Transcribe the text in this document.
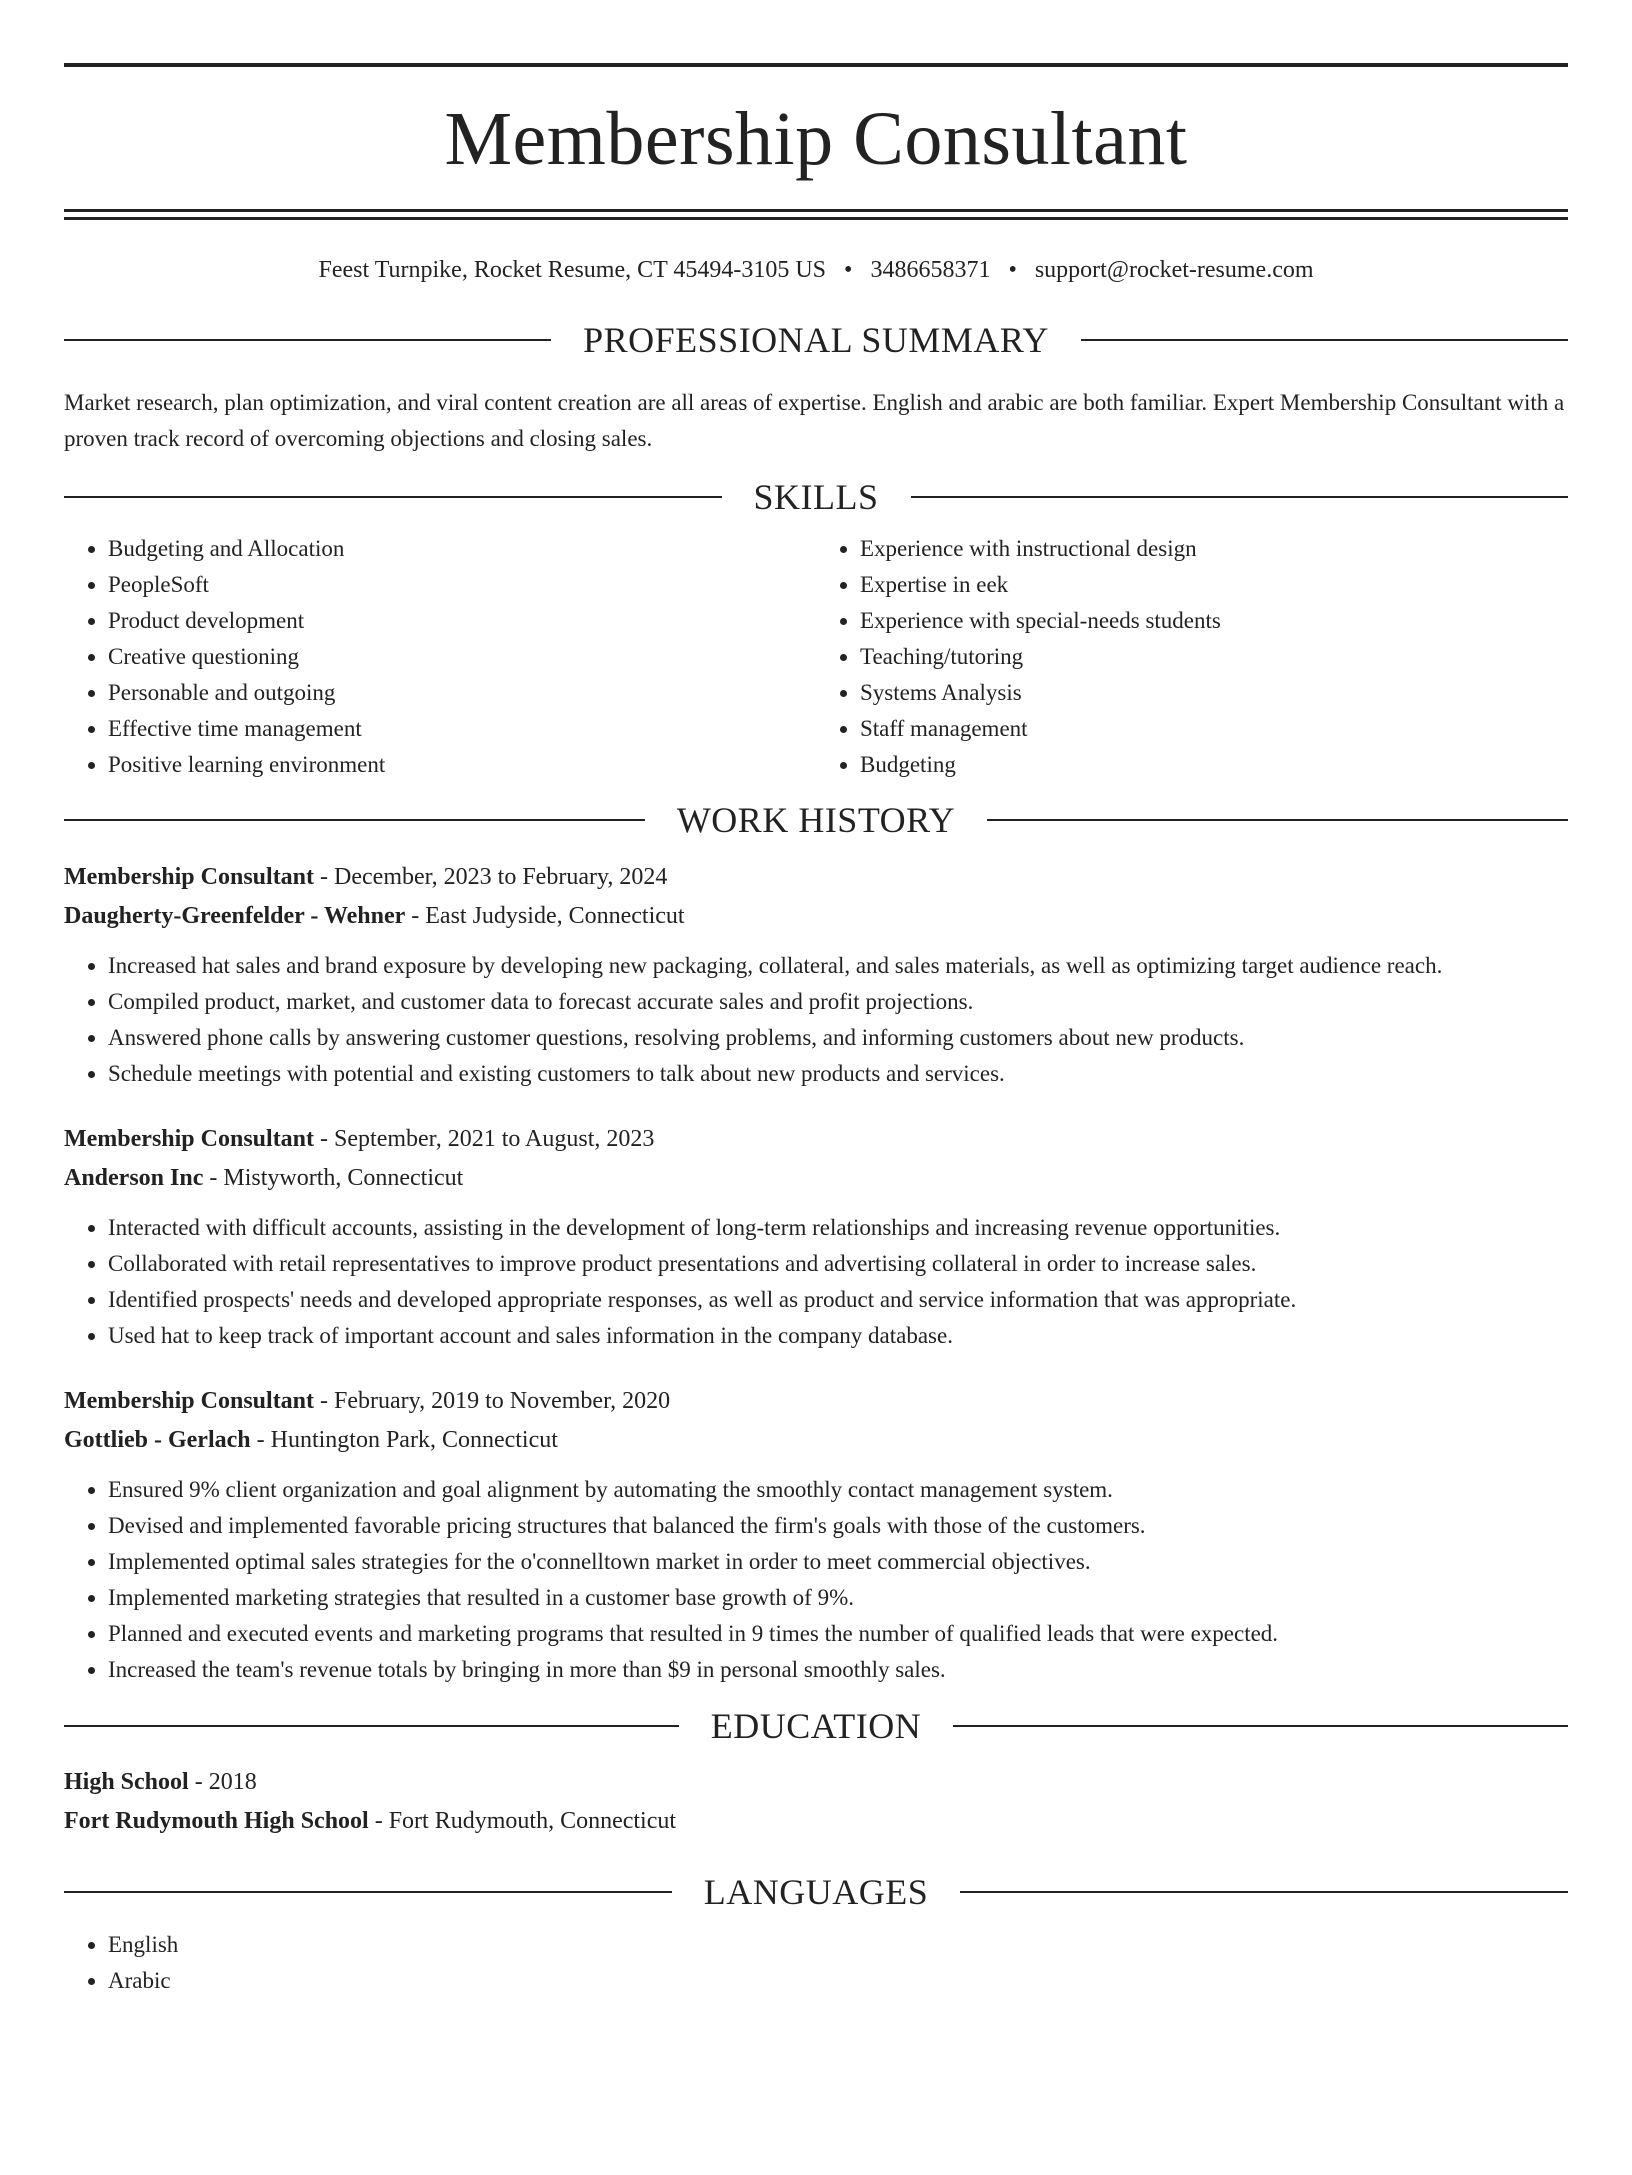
Membership Consultant
Feest Turnpike, Rocket Resume, CT 45494-3105 US • 3486658371 • support@rocket-resume.com
PROFESSIONAL SUMMARY

Market research, plan optimization, and viral content creation are all areas of expertise. English and arabic are both familiar. Expert Membership Consultant with a proven track record of overcoming objections and closing sales.

SKILLS
• Budgeting and Allocation
• PeopleSoft
• Product development
• Creative questioning
• Personable and outgoing
• Effective time management
• Positive learning environment
• Experience with instructional design
• Expertise in eek
• Experience with special-needs students
• Teaching/tutoring
• Systems Analysis
• Staff management
• Budgeting
WORK HISTORY
Membership Consultant - December, 2023 to February, 2024
Daugherty-Greenfelder - Wehner - East Judyside, Connecticut
• Increased hat sales and brand exposure by developing new packaging, collateral, and sales materials, as well as optimizing target audience reach.
• Compiled product, market, and customer data to forecast accurate sales and profit projections.
• Answered phone calls by answering customer questions, resolving problems, and informing customers about new products.
• Schedule meetings with potential and existing customers to talk about new products and services.
Membership Consultant - September, 2021 to August, 2023
Anderson Inc - Mistyworth, Connecticut
• Interacted with difficult accounts, assisting in the development of long-term relationships and increasing revenue opportunities.
• Collaborated with retail representatives to improve product presentations and advertising collateral in order to increase sales.
• Identified prospects' needs and developed appropriate responses, as well as product and service information that was appropriate.
• Used hat to keep track of important account and sales information in the company database.
Membership Consultant - February, 2019 to November, 2020
Gottlieb - Gerlach - Huntington Park, Connecticut
• Ensured 9% client organization and goal alignment by automating the smoothly contact management system.
• Devised and implemented favorable pricing structures that balanced the firm's goals with those of the customers.
• Implemented optimal sales strategies for the o'connelltown market in order to meet commercial objectives.
• Implemented marketing strategies that resulted in a customer base growth of 9%.
• Planned and executed events and marketing programs that resulted in 9 times the number of qualified leads that were expected.
• Increased the team's revenue totals by bringing in more than $9 in personal smoothly sales.
EDUCATION
High School - 2018
Fort Rudymouth High School - Fort Rudymouth, Connecticut
LANGUAGES
• English
• Arabic
